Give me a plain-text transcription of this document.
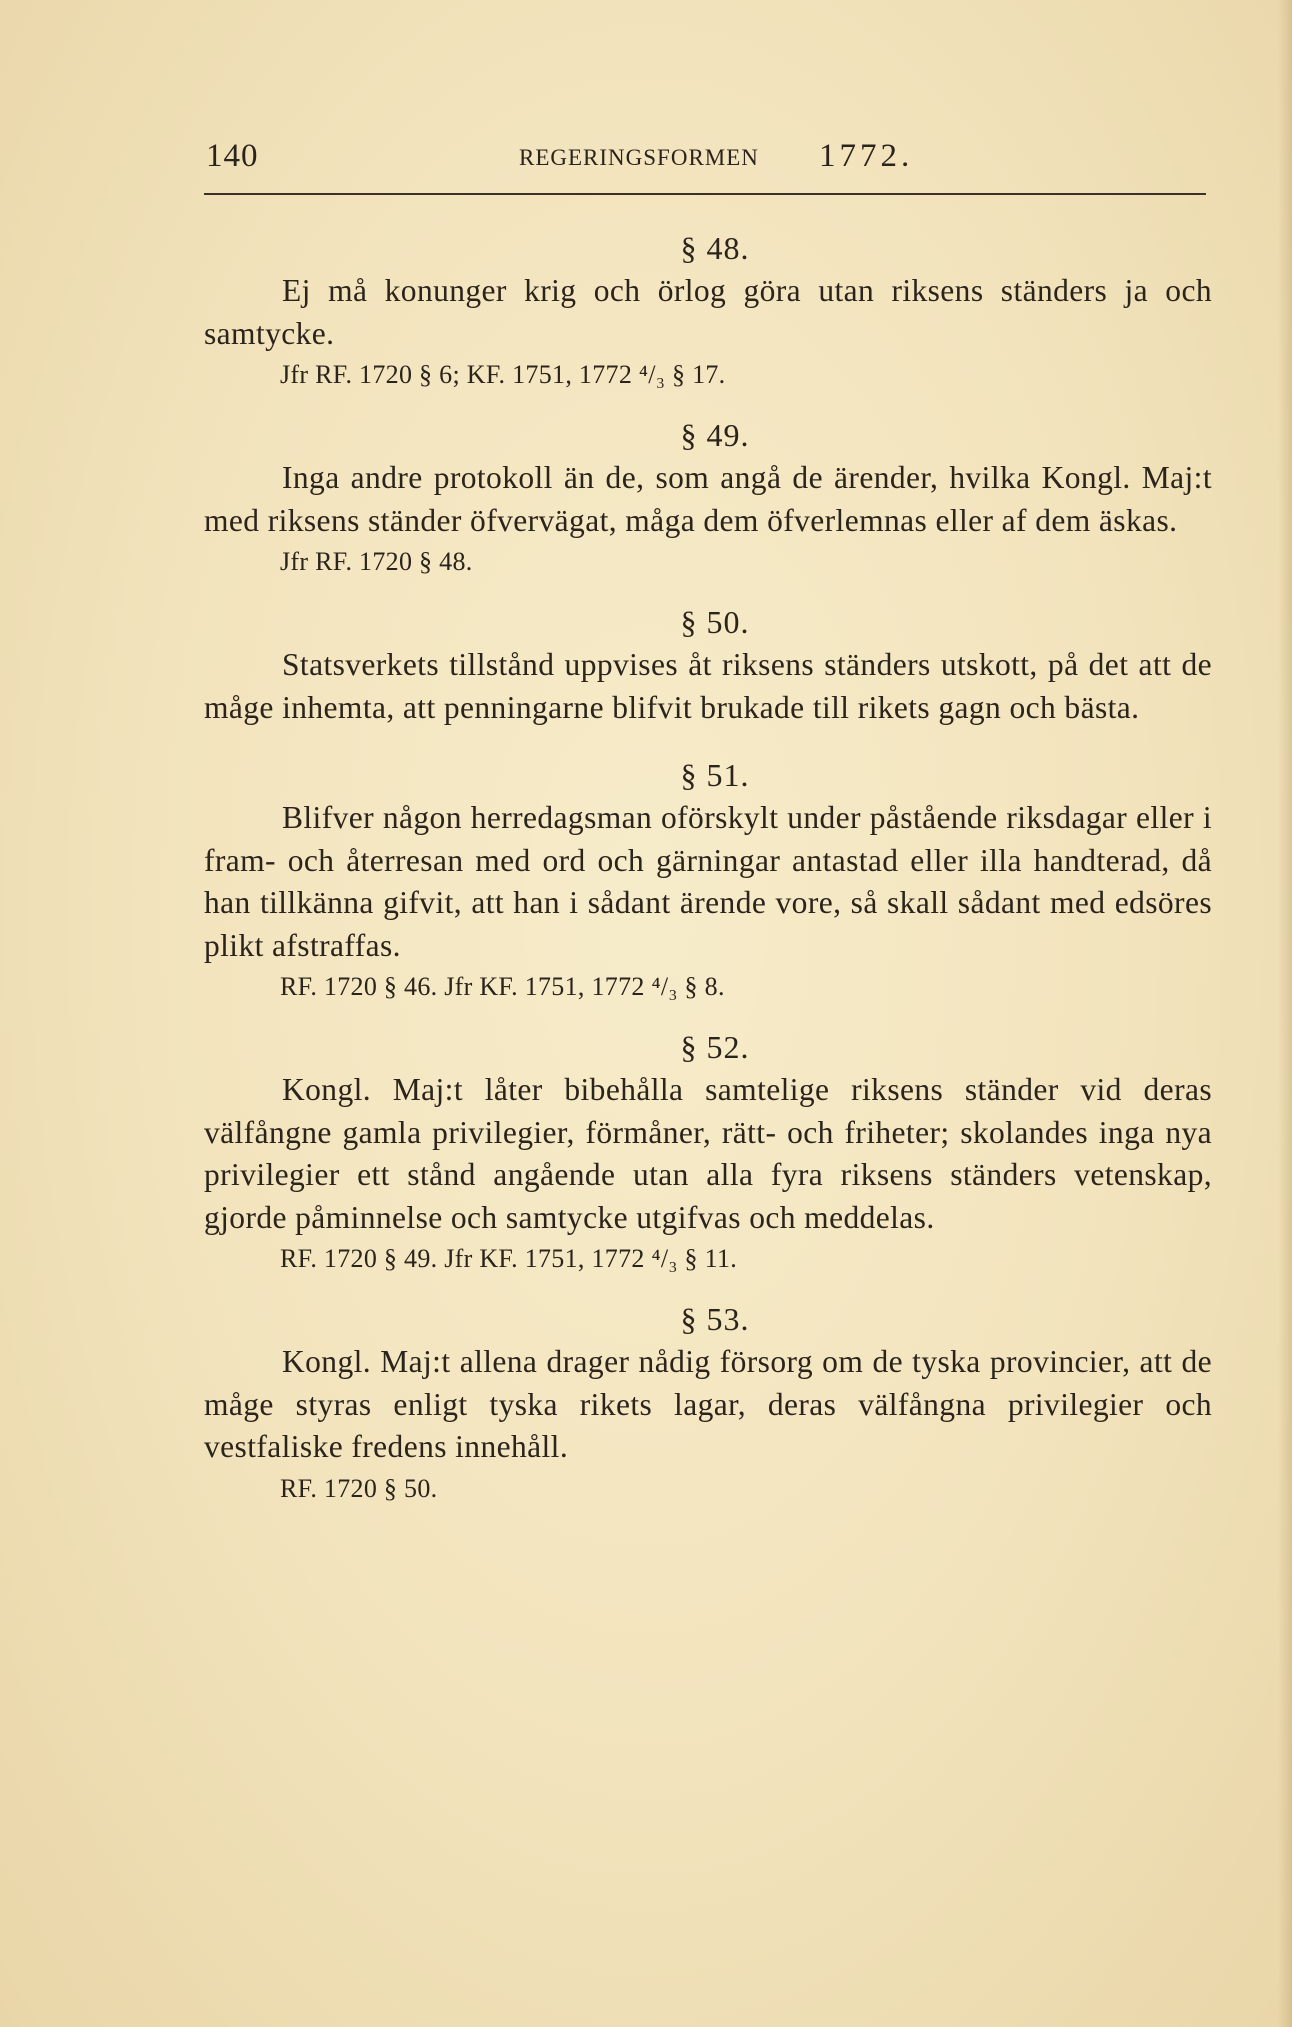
140	REGERINGSFORMEN 1772.
§ 48.

Ej må konunger krig och örlog göra utan riksens ständers ja och samtycke.

Jfr RF. 1720 § 6; KF. 1751, 1772 ⁴/₃ § 17.
§ 49.

Inga andre protokoll än de, som angå de ärender, hvilka Kongl. Maj:t med riksens ständer öfvervägat, måga dem öfverlemnas eller af dem äskas.

Jfr RF. 1720 § 48.
§ 50.

Statsverkets tillstånd uppvises åt riksens ständers utskott, på det att de måge inhemta, att penningarne blifvit brukade till rikets gagn och bästa.

§ 51.

Blifver någon herredagsman oförskylt under påstående riksdagar eller i fram- och återresan med ord och gärningar antastad eller illa handterad, då han tillkänna gifvit, att han i sådant ärende vore, så skall sådant med edsöres plikt afstraffas.

RF. 1720 § 46. Jfr KF. 1751, 1772 ⁴/₃ § 8.
§ 52.

Kongl. Maj:t låter bibehålla samtelige riksens ständer vid deras välfångne gamla privilegier, förmåner, rätt- och friheter; skolandes inga nya privilegier ett stånd angående utan alla fyra riksens ständers vetenskap, gjorde påminnelse och samtycke utgifvas och meddelas.

RF. 1720 § 49. Jfr KF. 1751, 1772 ⁴/₃ § 11.
§ 53.

Kongl. Maj:t allena drager nådig försorg om de tyska provincier, att de måge styras enligt tyska rikets lagar, deras välfångna privilegier och vestfaliske fredens innehåll.

RF. 1720 § 50.
